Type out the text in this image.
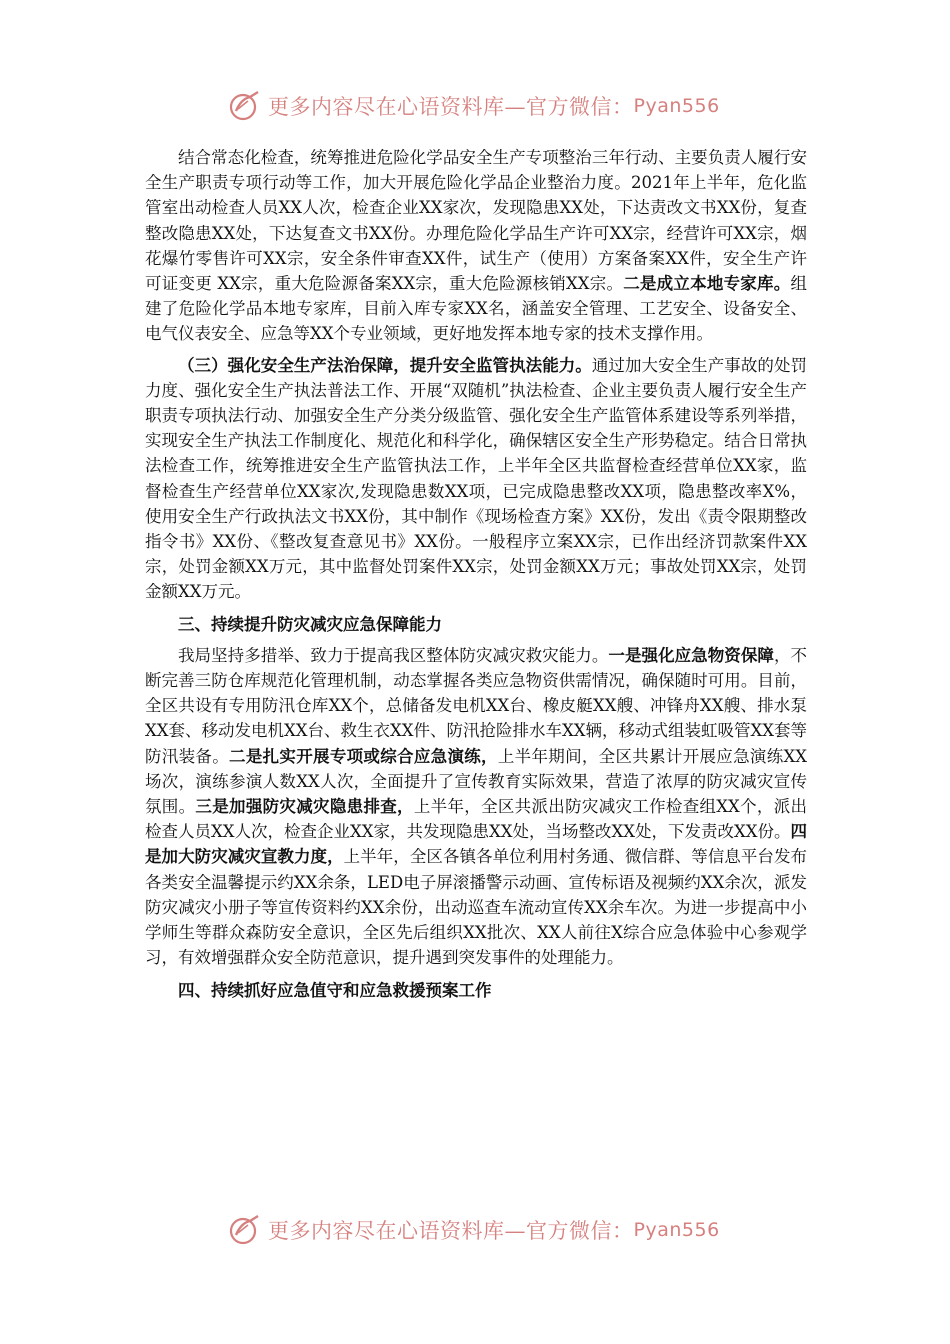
更多内容尽在心语资料库—官方微信： Pyan556

结合常态化检查，统筹推进危险化学品安全生产专项整治三年行动、主要负责人履行安全生产职责专项行动等工作，加大开展危险化学品企业整治力度。2021年上半年，危化监管室出动检查人员XX人次，检查企业XX家次，发现隐患XX处，下达责改文书XX份，复查整改隐患XX处，下达复查文书XX份。办理危险化学品生产许可XX宗，经营许可XX宗，烟花爆竹零售许可XX宗，安全条件审查XX件，试生产（使用）方案备案XX件，安全生产许可证变更 XX宗，重大危险源备案XX宗，重大危险源核销XX宗。二是成立本地专家库。组建了危险化学品本地专家库，目前入库专家XX名，涵盖安全管理、工艺安全、设备安全、电气仪表安全、应急等XX个专业领域，更好地发挥本地专家的技术支撑作用。

（三）强化安全生产法治保障，提升安全监管执法能力。通过加大安全生产事故的处罚力度、强化安全生产执法普法工作、开展“双随机”执法检查、企业主要负责人履行安全生产职责专项执法行动、加强安全生产分类分级监管、强化安全生产监管体系建设等系列举措，实现安全生产执法工作制度化、规范化和科学化，确保辖区安全生产形势稳定。结合日常执法检查工作，统筹推进安全生产监管执法工作，上半年全区共监督检查经营单位XX家，监督检查生产经营单位XX家次,发现隐患数XX项，已完成隐患整改XX项，隐患整改率X%，使用安全生产行政执法文书XX份，其中制作《现场检查方案》XX份，发出《责令限期整改指令书》XX份、《整改复查意见书》XX份。一般程序立案XX宗，已作出经济罚款案件XX宗，处罚金额XX万元，其中监督处罚案件XX宗，处罚金额XX万元；事故处罚XX宗，处罚金额XX万元。

三、持续提升防灾减灾应急保障能力

我局坚持多措举、致力于提高我区整体防灾减灾救灾能力。一是强化应急物资保障，不断完善三防仓库规范化管理机制，动态掌握各类应急物资供需情况，确保随时可用。目前，全区共设有专用防汛仓库XX个，总储备发电机XX台、橡皮艇XX艘、冲锋舟XX艘、排水泵XX套、移动发电机XX台、救生衣XX件、防汛抢险排水车XX辆，移动式组装虹吸管XX套等防汛装备。二是扎实开展专项或综合应急演练，上半年期间，全区共累计开展应急演练XX场次，演练参演人数XX人次，全面提升了宣传教育实际效果，营造了浓厚的防灾减灾宣传氛围。三是加强防灾减灾隐患排查，上半年，全区共派出防灾减灾工作检查组XX个，派出检查人员XX人次，检查企业XX家，共发现隐患XX处，当场整改XX处，下发责改XX份。四是加大防灾减灾宣教力度，上半年，全区各镇各单位利用村务通、微信群、等信息平台发布各类安全温馨提示约XX余条，LED电子屏滚播警示动画、宣传标语及视频约XX余次，派发防灾减灾小册子等宣传资料约XX余份，出动巡查车流动宣传XX余车次。为进一步提高中小学师生等群众森防安全意识，全区先后组织XX批次、XX人前往X综合应急体验中心参观学习，有效增强群众安全防范意识，提升遇到突发事件的处理能力。

四、持续抓好应急值守和应急救援预案工作
更多内容尽在心语资料库—官方微信： Pyan556
